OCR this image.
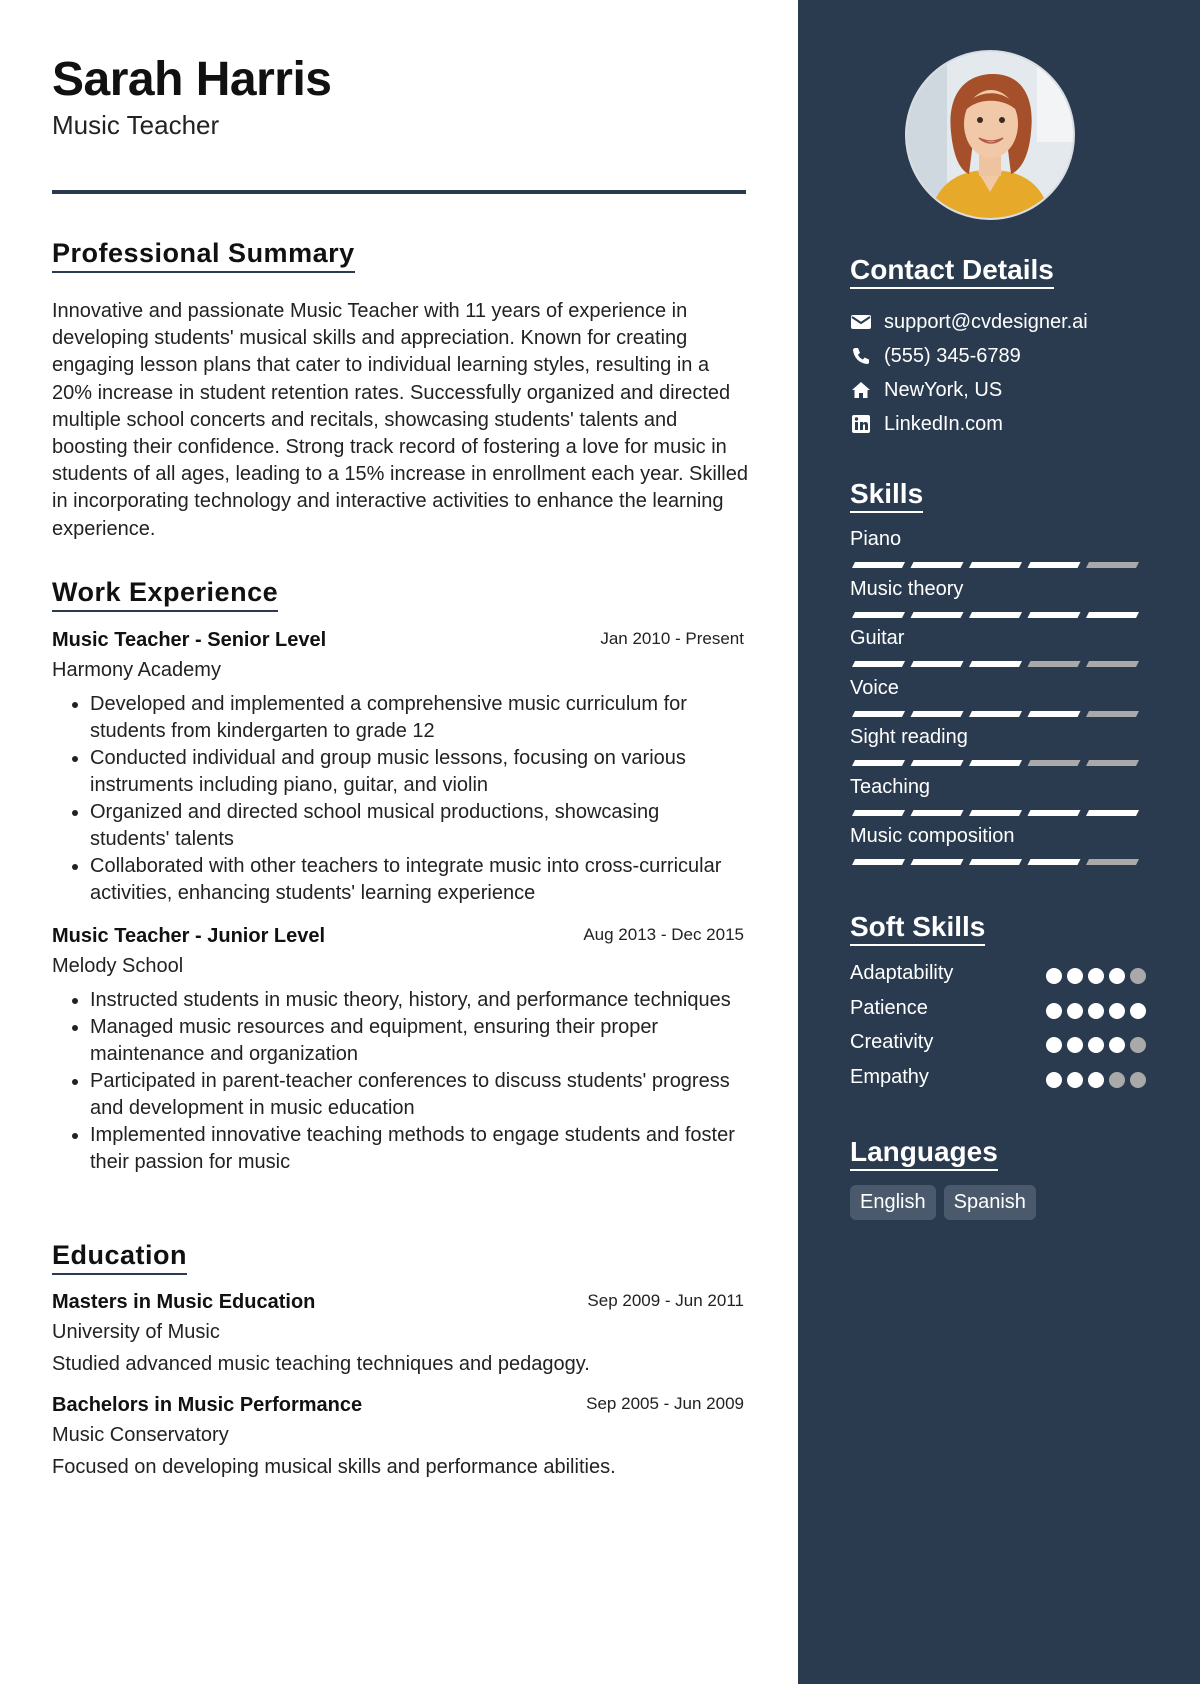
Sarah Harris
Music Teacher
Professional Summary

Innovative and passionate Music Teacher with 11 years of experience in developing students' musical skills and appreciation. Known for creating engaging lesson plans that cater to individual learning styles, resulting in a 20% increase in student retention rates. Successfully organized and directed multiple school concerts and recitals, showcasing students' talents and boosting their confidence. Strong track record of fostering a love for music in students of all ages, leading to a 15% increase in enrollment each year. Skilled in incorporating technology and interactive activities to enhance the learning experience.

Work Experience
Music Teacher - Senior Level	Jan 2010 - Present
Harmony Academy
• Developed and implemented a comprehensive music curriculum for students from kindergarten to grade 12
• Conducted individual and group music lessons, focusing on various instruments including piano, guitar, and violin
• Organized and directed school musical productions, showcasing students' talents
• Collaborated with other teachers to integrate music into cross-curricular activities, enhancing students' learning experience
Music Teacher - Junior Level	Aug 2013 - Dec 2015
Melody School
• Instructed students in music theory, history, and performance techniques
• Managed music resources and equipment, ensuring their proper maintenance and organization
• Participated in parent-teacher conferences to discuss students' progress and development in music education
• Implemented innovative teaching methods to engage students and foster their passion for music
Education
Masters in Music Education	Sep 2009 - Jun 2011
University of Music
Studied advanced music teaching techniques and pedagogy.
Bachelors in Music Performance	Sep 2005 - Jun 2009
Music Conservatory
Focused on developing musical skills and performance abilities.
Contact Details
support@cvdesigner.ai
(555) 345-6789
NewYork, US
LinkedIn.com
Skills
Piano
Music theory
Guitar
Voice
Sight reading
Teaching
Music composition
Soft Skills
Adaptability
Patience
Creativity
Empathy
Languages
English	Spanish
